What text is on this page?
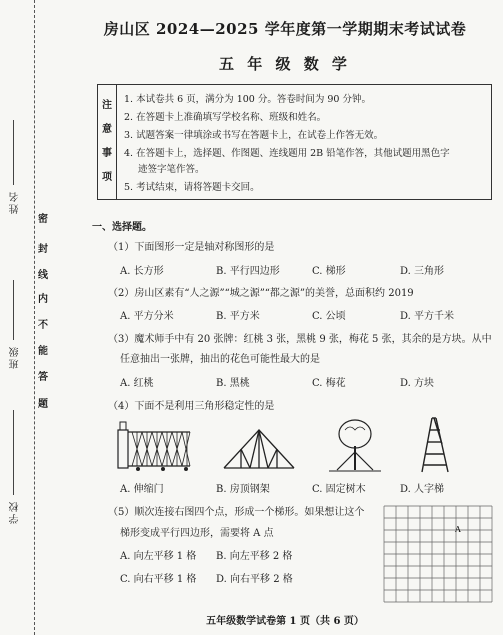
姓名
班级
学校
密
封
线
内
不
能
答
题
房山区 2024—2025 学年度第一学期期末考试试卷
五 年 级 数 学
注
意
事
项
1. 本试卷共 6 页，满分为 100 分。答卷时间为 90 分钟。
2. 在答题卡上准确填写学校名称、班级和姓名。
3. 试题答案一律填涂或书写在答题卡上，在试卷上作答无效。
4. 在答题卡上，选择题、作图题、连线题用 2B 铅笔作答，其他试题用黑色字
迹签字笔作答。
5. 考试结束，请将答题卡交回。
一、选择题。
（1）下面图形一定是轴对称图形的是
A. 长方形	B. 平行四边形	C. 梯形	D. 三角形
（2）房山区素有“人之源”“城之源”“都之源”的美誉，总面积约 2019
A. 平方分米	B. 平方米	C. 公顷	D. 平方千米
（3）魔术师手中有 20 张牌：红桃 3 张，黑桃 9 张，梅花 5 张，其余的是方块。从中
任意抽出一张牌，抽出的花色可能性最大的是
A. 红桃	B. 黑桃	C. 梅花	D. 方块
（4）下面不是利用三角形稳定性的是
A. 伸缩门	B. 房顶钢架	C. 固定树木	D. 人字梯
（5）顺次连接右图四个点，形成一个梯形。如果想让这个
梯形变成平行四边形，需要将 A 点
A. 向左平移 1 格 B. 向左平移 2 格
C. 向右平移 1 格 D. 向右平移 2 格
A
五年级数学试卷第 1 页（共 6 页）
